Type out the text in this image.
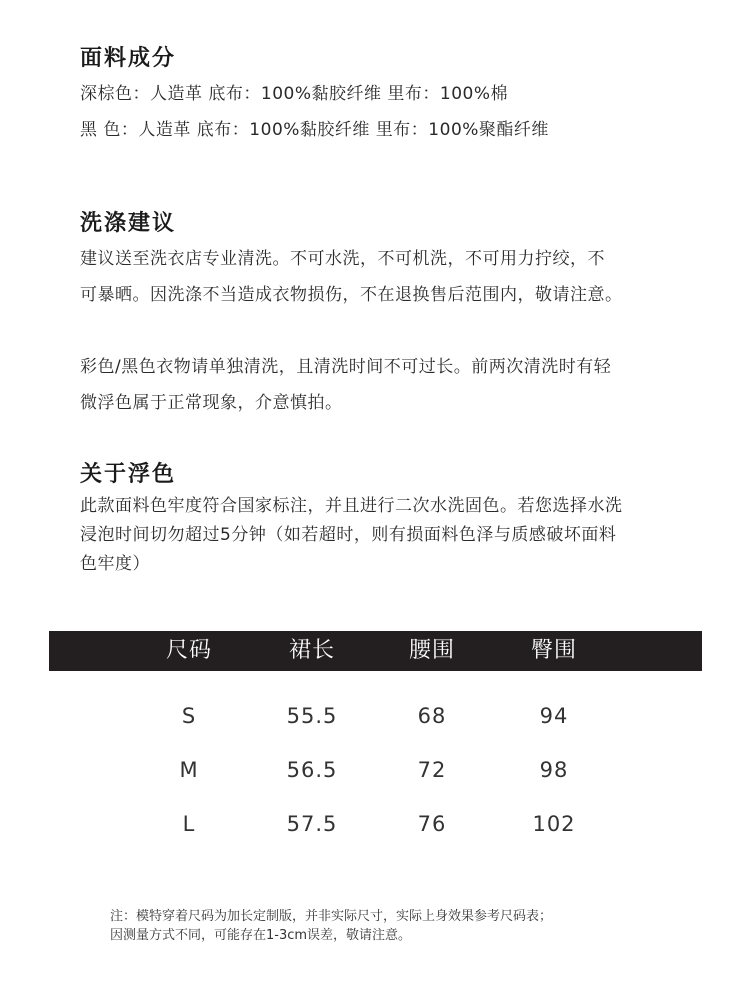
面料成分

深棕色：人造革 底布：100%黏胶纤维 里布：100%棉

黑 色：人造革 底布：100%黏胶纤维 里布：100%聚酯纤维

洗涤建议

建议送至洗衣店专业清洗。不可水洗，不可机洗，不可用力拧绞，不

可暴晒。因洗涤不当造成衣物损伤，不在退换售后范围内，敬请注意。

彩色/黑色衣物请单独清洗，且清洗时间不可过长。前两次清洗时有轻

微浮色属于正常现象，介意慎拍。

关于浮色

此款面料色牢度符合国家标注，并且进行二次水洗固色。若您选择水洗

浸泡时间切勿超过5分钟（如若超时，则有损面料色泽与质感破坏面料

色牢度）

尺码	裙长	腰围	臀围
S	55.5	68	94
M	56.5	72	98
L	57.5	76	102

注：模特穿着尺码为加长定制版，并非实际尺寸，实际上身效果参考尺码表；

因测量方式不同，可能存在1-3cm误差，敬请注意。
